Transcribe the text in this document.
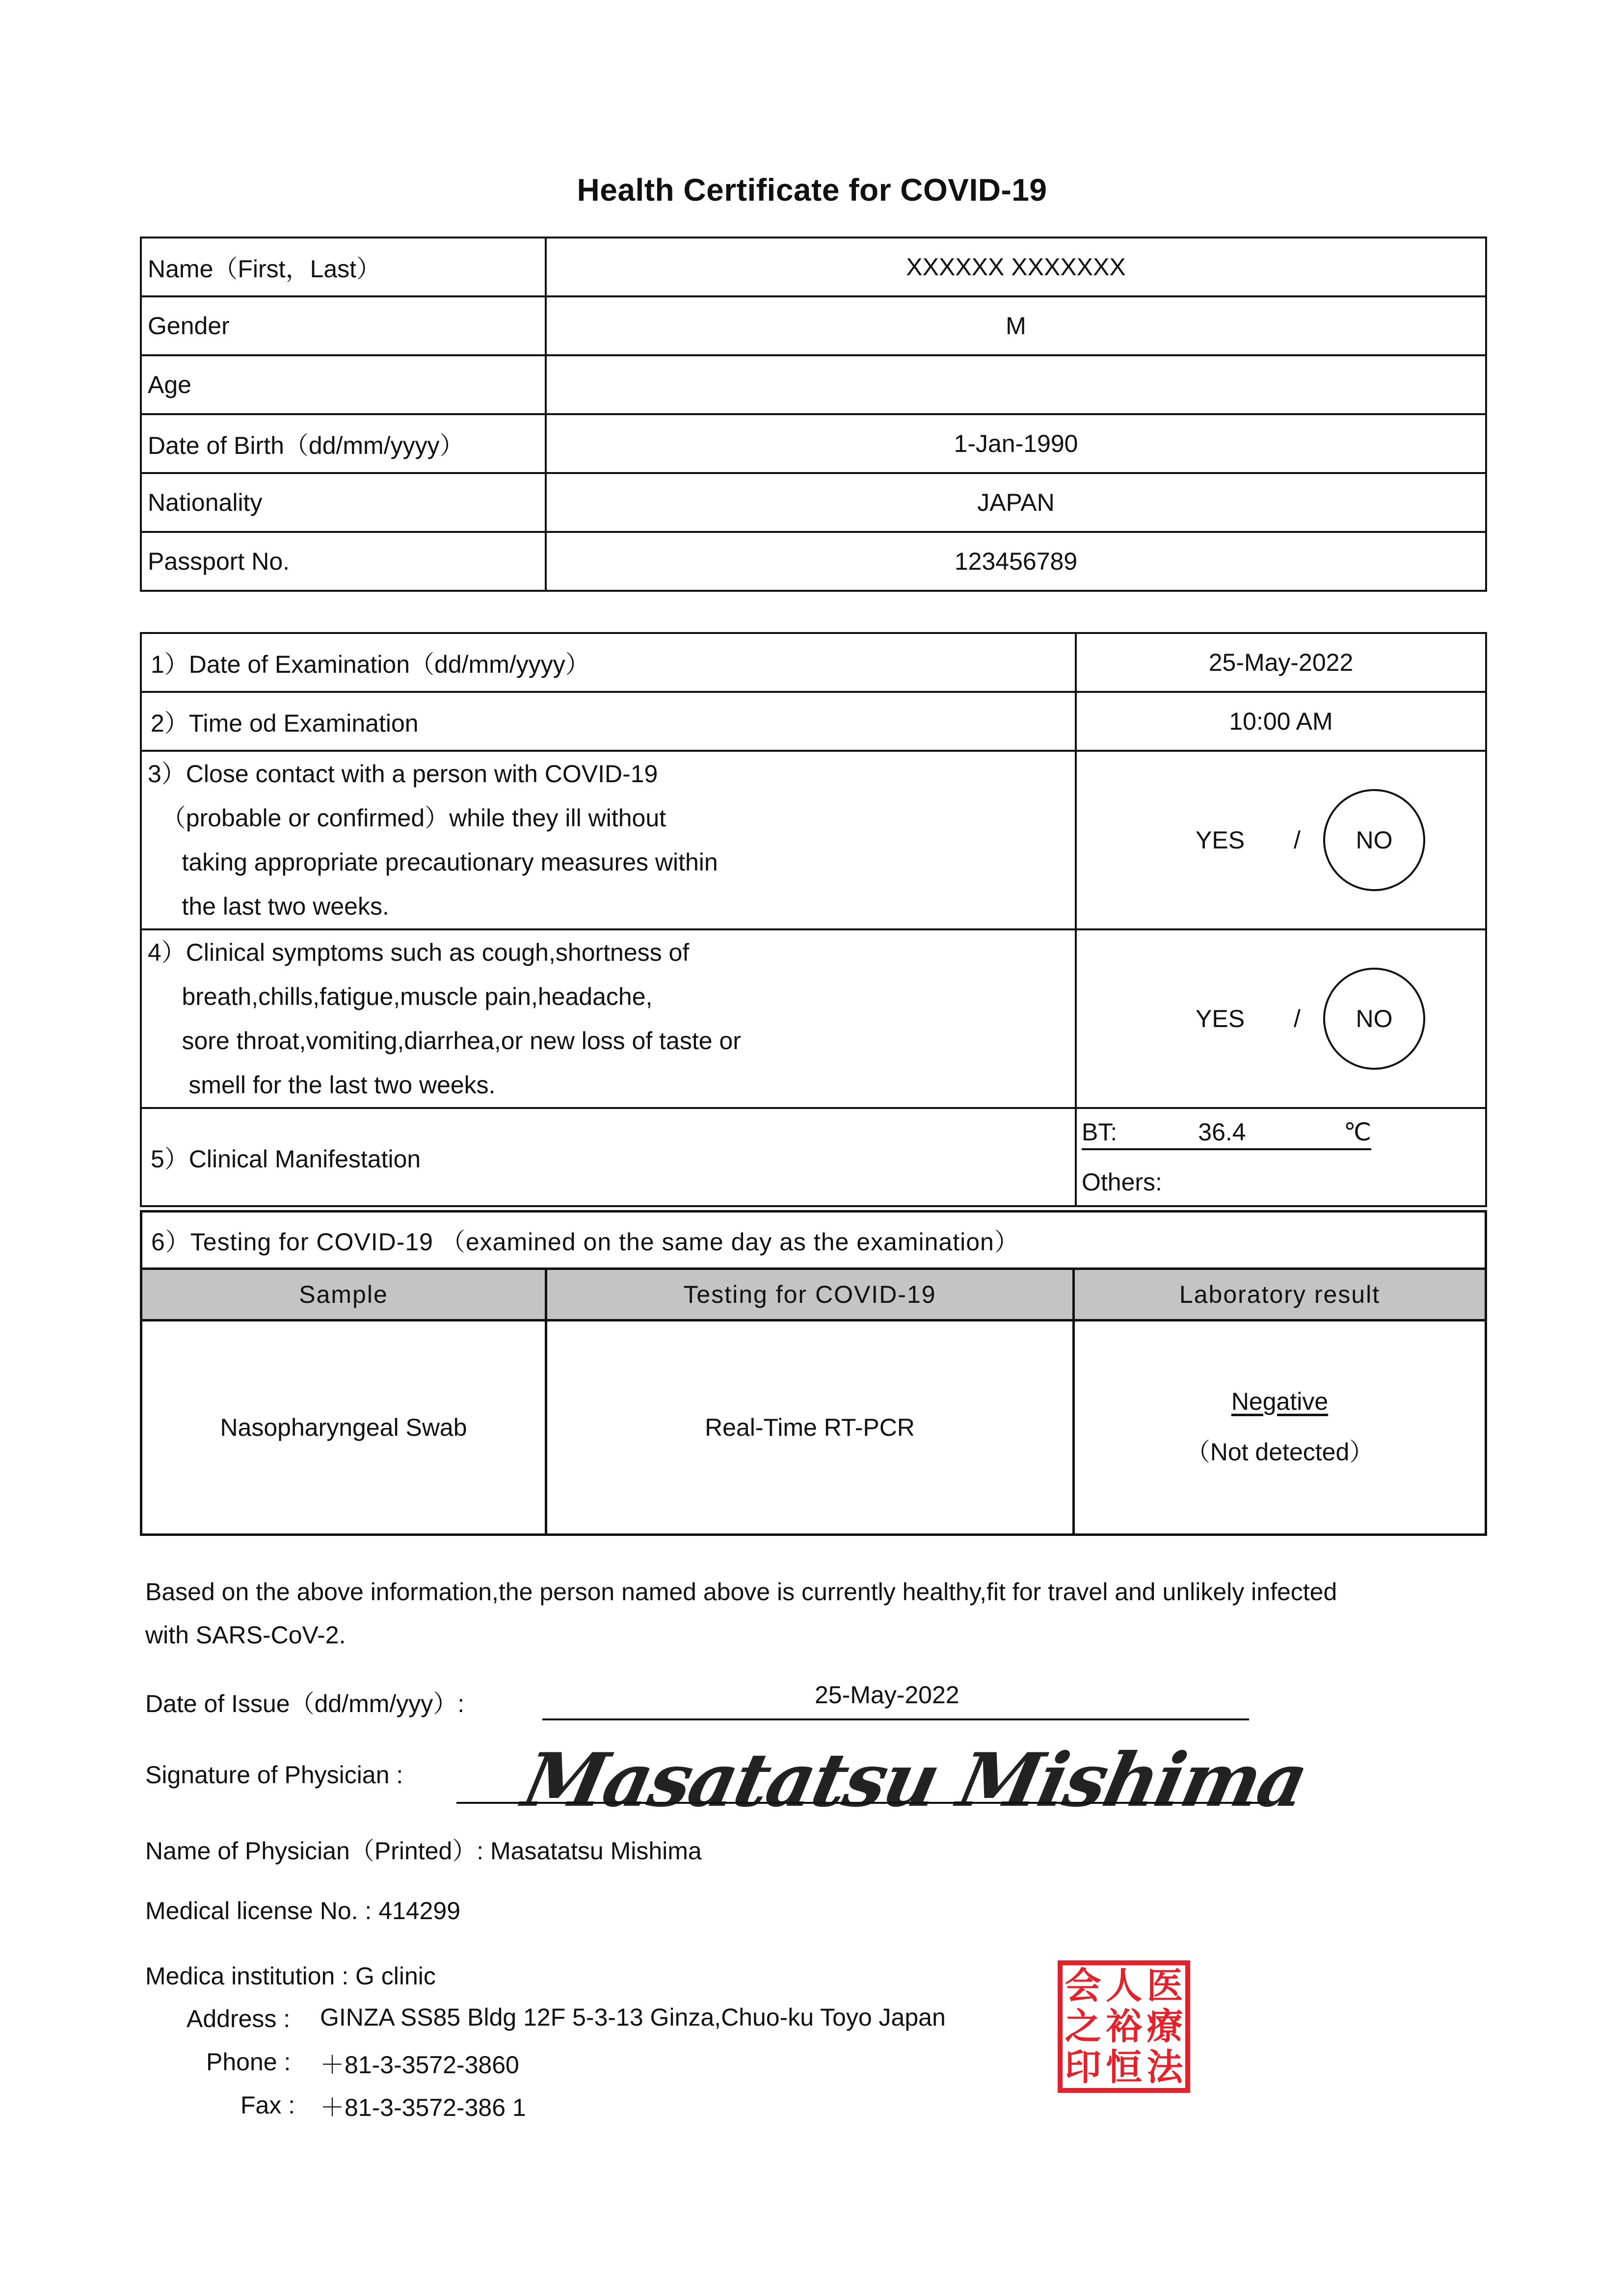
Health Certificate for COVID-19
Name（First，Last）	XXXXXX XXXXXXX
Gender	M
Age	
Date of Birth（dd/mm/yyyy）	1-Jan-1990
Nationality	JAPAN
Passport No.	123456789
1）Date of Examination（dd/mm/yyyy）	25-May-2022
2）Time od Examination	10:00 AM

3）Close contact with a person with COVID-19
（probable or confirmed）while they ill without
taking appropriate precautionary measures within
the last two weeks.	YES / NO

4）Clinical symptoms such as cough,shortness of
breath,chills,fatigue,muscle pain,headache,
sore throat,vomiting,diarrhea,or new loss of taste or
smell for the last two weeks.	YES / NO

5）Clinical Manifestation	BT: 36.4 ℃
Others:
6）Testing for COVID-19 （examined on the same day as the examination）		
Sample	Testing for COVID-19	Laboratory result
Nasopharyngeal Swab	Real-Time RT-PCR	Negative
（Not detected）
Based on the above information,the person named above is currently healthy,fit for travel and unlikely infected
with SARS-CoV-2.
Date of Issue（dd/mm/yyy）:	25-May-2022
Signature of Physician : Masatatsu Mishima
Name of Physician（Printed）: Masatatsu Mishima
Medical license No. : 414299
Medica institution : G clinic
Address : GINZA SS85 Bldg 12F 5-3-13 Ginza,Chuo-ku Toyo Japan
Phone : ＋81-3-3572-3860
Fax : ＋81-3-3572-386 1
会 人 医
之 裕 療
印 恒 法
